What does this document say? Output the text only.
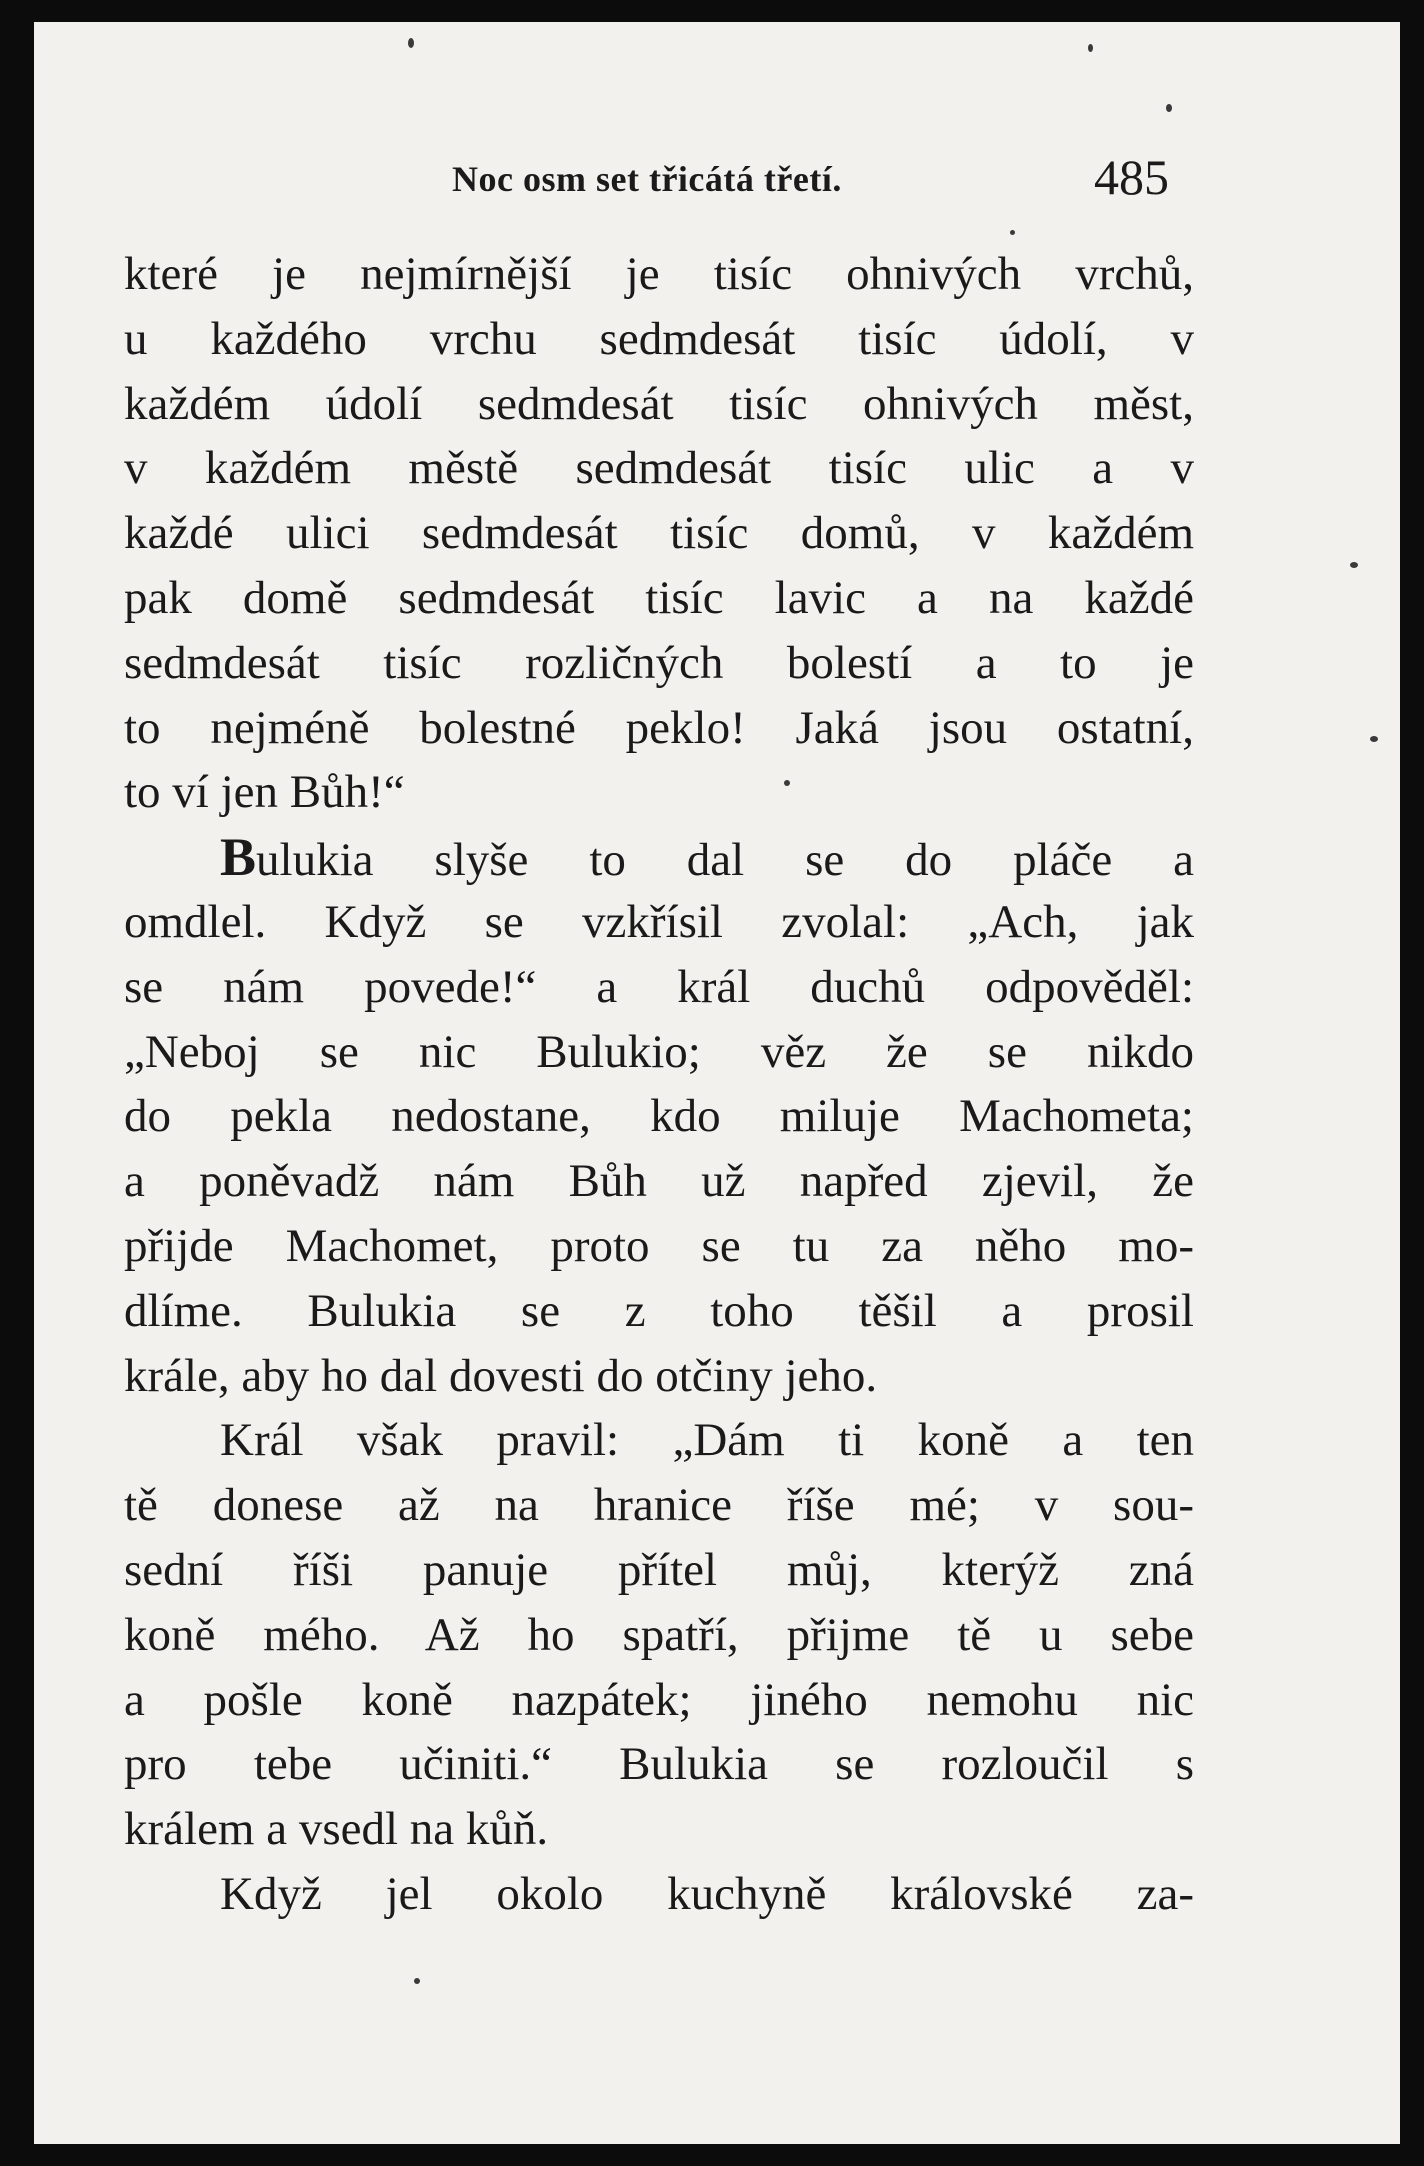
Noc osm set třicátá třetí.	485
které je nejmírnější je tisíc ohnivých vrchů,
u každého vrchu sedmdesát tisíc údolí, v
každém údolí sedmdesát tisíc ohnivých měst,
v každém městě sedmdesát tisíc ulic a v
každé ulici sedmdesát tisíc domů, v každém
pak domě sedmdesát tisíc lavic a na každé
sedmdesát tisíc rozličných bolestí a to je
to nejméně bolestné peklo! Jaká jsou ostatní,
to ví jen Bůh!“
Bulukia slyše to dal se do pláče a
omdlel. Když se vzkřísil zvolal: „Ach, jak
se nám povede!“ a král duchů odpověděl:
„Neboj se nic Bulukio; věz že se nikdo
do pekla nedostane, kdo miluje Machometa;
a poněvadž nám Bůh už napřed zjevil, že
přijde Machomet, proto se tu za něho mo-
dlíme. Bulukia se z toho těšil a prosil
krále, aby ho dal dovesti do otčiny jeho.
Král však pravil: „Dám ti koně a ten
tě donese až na hranice říše mé; v sou-
sední říši panuje přítel můj, kterýž zná
koně mého. Až ho spatří, přijme tě u sebe
a pošle koně nazpátek; jiného nemohu nic
pro tebe učiniti.“ Bulukia se rozloučil s
králem a vsedl na kůň.
Když jel okolo kuchyně královské za-
